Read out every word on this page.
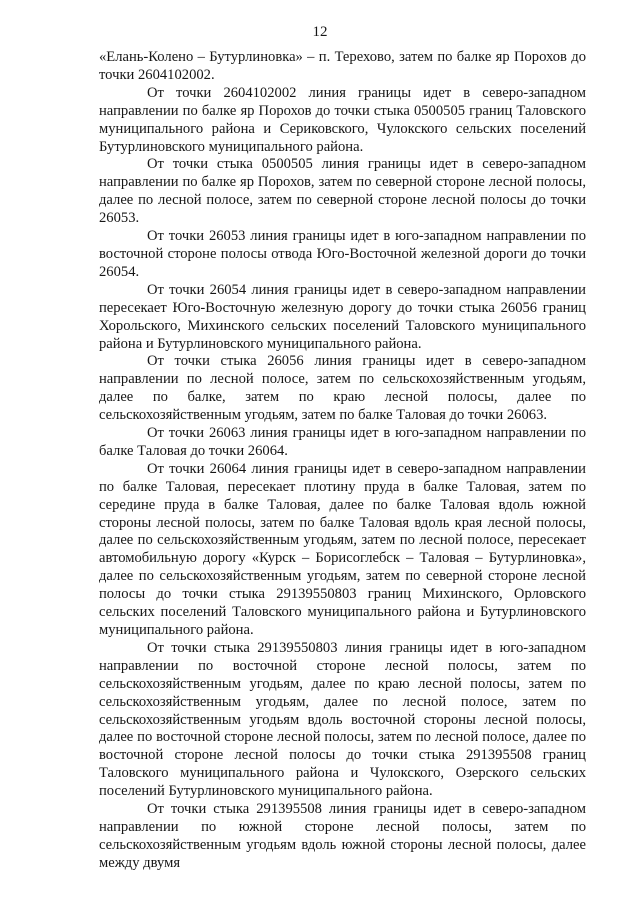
12

«Елань-Колено – Бутурлиновка» – п. Терехово, затем по балке яр Порохов до точки 2604102002.

От точки 2604102002 линия границы идет в северо-западном направлении по балке яр Порохов до точки стыка 0500505 границ Таловского муниципального района и Сериковского, Чулокского сельских поселений Бутурлиновского муниципального района.

От точки стыка 0500505 линия границы идет в северо-западном направлении по балке яр Порохов, затем по северной стороне лесной полосы, далее по лесной полосе, затем по северной стороне лесной полосы до точки 26053.

От точки 26053 линия границы идет в юго-западном направлении по восточной стороне полосы отвода Юго-Восточной железной дороги до точки 26054.

От точки 26054 линия границы идет в северо-западном направлении пересекает Юго-Восточную железную дорогу до точки стыка 26056 границ Хорольского, Михинского сельских поселений Таловского муниципального района и Бутурлиновского муниципального района.

От точки стыка 26056 линия границы идет в северо-западном направлении по лесной полосе, затем по сельскохозяйственным угодьям, далее по балке, затем по краю лесной полосы, далее по сельскохозяйственным угодьям, затем по балке Таловая до точки 26063.

От точки 26063 линия границы идет в юго-западном направлении по балке Таловая до точки 26064.

От точки 26064 линия границы идет в северо-западном направлении по балке Таловая, пересекает плотину пруда в балке Таловая, затем по середине пруда в балке Таловая, далее по балке Таловая вдоль южной стороны лесной полосы, затем по балке Таловая вдоль края лесной полосы, далее по сельскохозяйственным угодьям, затем по лесной полосе, пересекает автомобильную дорогу «Курск – Борисоглебск – Таловая – Бутурлиновка», далее по сельскохозяйственным угодьям, затем по северной стороне лесной полосы до точки стыка 29139550803 границ Михинского, Орловского сельских поселений Таловского муниципального района и Бутурлиновского муниципального района.

От точки стыка 29139550803 линия границы идет в юго-западном направлении по восточной стороне лесной полосы, затем по сельскохозяйственным угодьям, далее по краю лесной полосы, затем по сельскохозяйственным угодьям, далее по лесной полосе, затем по сельскохозяйственным угодьям вдоль восточной стороны лесной полосы, далее по восточной стороне лесной полосы, затем по лесной полосе, далее по восточной стороне лесной полосы до точки стыка 291395508 границ Таловского муниципального района и Чулокского, Озерского сельских поселений Бутурлиновского муниципального района.

От точки стыка 291395508 линия границы идет в северо-западном направлении по южной стороне лесной полосы, затем по сельскохозяйственным угодьям вдоль южной стороны лесной полосы, далее между двумя
